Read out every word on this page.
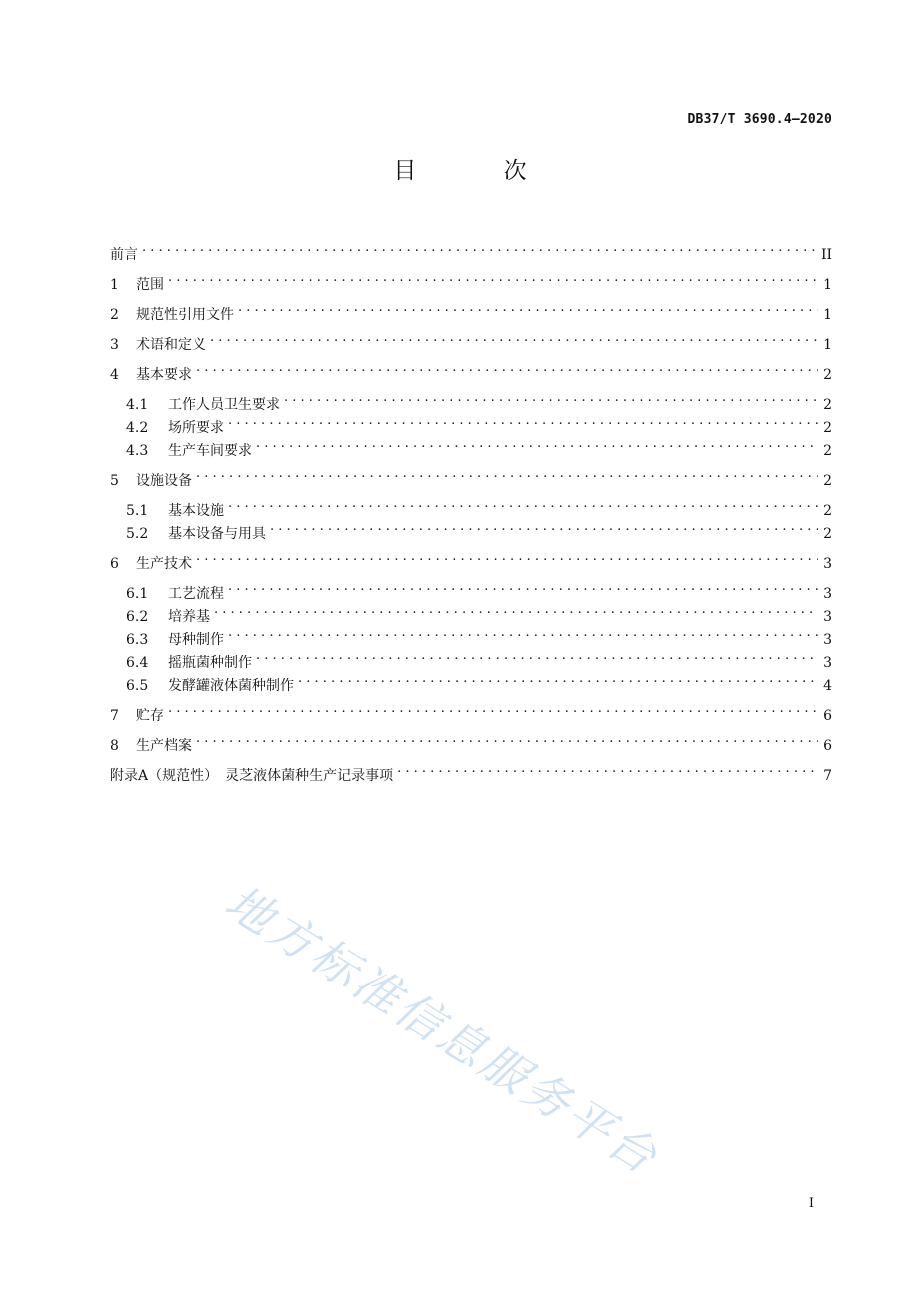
DB37/T 3690.4—2020
目 次
前言 . . .	II
1	范围 . . .	1
2	规范性引用文件 . . .	1
3	术语和定义 . . .	1
4	基本要求 . . .	2
4.1	工作人员卫生要求 . . .	2
4.2	场所要求 . . .	2
4.3	生产车间要求 . . .	2
5	设施设备 . . .	2
5.1	基本设施 . . .	2
5.2	基本设备与用具 . . .	2
6	生产技术 . . .	3
6.1	工艺流程 . . .	3
6.2	培养基 . . .	3
6.3	母种制作 . . .	3
6.4	摇瓶菌种制作 . . .	3
6.5	发酵罐液体菌种制作 . . .	4
7	贮存 . . .	6
8	生产档案 . . .	6
附录A（规范性）　灵芝液体菌种生产记录事项 . . .	7
地方标准信息服务平台
I
